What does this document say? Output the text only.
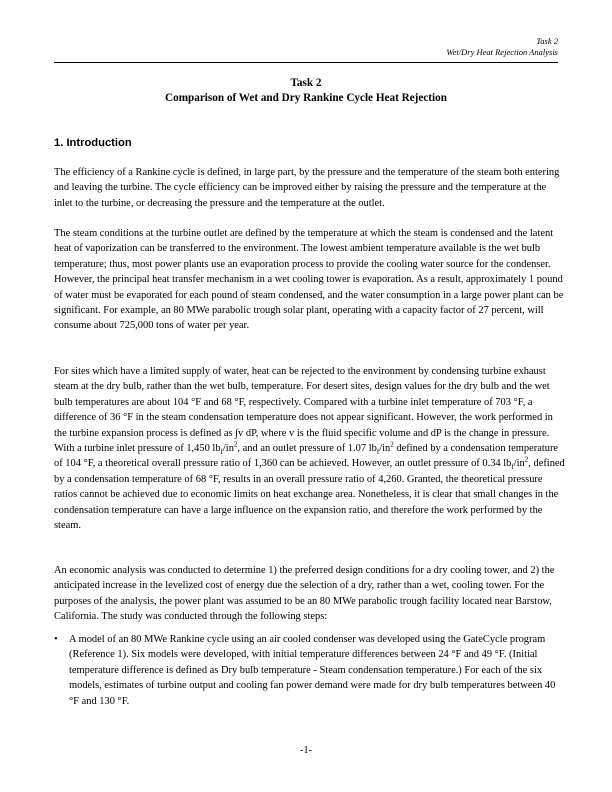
Task 2
Wet/Dry Heat Rejection Analysis
Task 2
Comparison of Wet and Dry Rankine Cycle Heat Rejection
1. Introduction

The efficiency of a Rankine cycle is defined, in large part, by the pressure and the temperature of the steam both entering and leaving the turbine. The cycle efficiency can be improved either by raising the pressure and the temperature at the inlet to the turbine, or decreasing the pressure and the temperature at the outlet.

The steam conditions at the turbine outlet are defined by the temperature at which the steam is condensed and the latent heat of vaporization can be transferred to the environment. The lowest ambient temperature available is the wet bulb temperature; thus, most power plants use an evaporation process to provide the cooling water source for the condenser. However, the principal heat transfer mechanism in a wet cooling tower is evaporation. As a result, approximately 1 pound of water must be evaporated for each pound of steam condensed, and the water consumption in a large power plant can be significant. For example, an 80 MWe parabolic trough solar plant, operating with a capacity factor of 27 percent, will consume about 725,000 tons of water per year.

For sites which have a limited supply of water, heat can be rejected to the environment by condensing turbine exhaust steam at the dry bulb, rather than the wet bulb, temperature. For desert sites, design values for the dry bulb and the wet bulb temperatures are about 104 °F and 68 °F, respectively. Compared with a turbine inlet temperature of 703 °F, a difference of 36 °F in the steam condensation temperature does not appear significant. However, the work performed in the turbine expansion process is defined as ∫v dP, where v is the fluid specific volume and dP is the change in pressure. With a turbine inlet pressure of 1,450 $lb_f/in^2$, and an outlet pressure of 1.07 $lb_f/in^2$ defined by a condensation temperature of 104 °F, a theoretical overall pressure ratio of 1,360 can be achieved. However, an outlet pressure of 0.34 $lb_f/in^2$, defined by a condensation temperature of 68 °F, results in an overall pressure ratio of 4,260. Granted, the theoretical pressure ratios cannot be achieved due to economic limits on heat exchange area. Nonetheless, it is clear that small changes in the condensation temperature can have a large influence on the expansion ratio, and therefore the work performed by the steam.

An economic analysis was conducted to determine 1) the preferred design conditions for a dry cooling tower, and 2) the anticipated increase in the levelized cost of energy due the selection of a dry, rather than a wet, cooling tower. For the purposes of the analysis, the power plant was assumed to be an 80 MWe parabolic trough facility located near Barstow, California. The study was conducted through the following steps:

• A model of an 80 MWe Rankine cycle using an air cooled condenser was developed using the GateCycle program (Reference 1). Six models were developed, with initial temperature differences between 24 °F and 49 °F. (Initial temperature difference is defined as Dry bulb temperature - Steam condensation temperature.) For each of the six models, estimates of turbine output and cooling fan power demand were made for dry bulb temperatures between 40 °F and 130 °F.
-1-
